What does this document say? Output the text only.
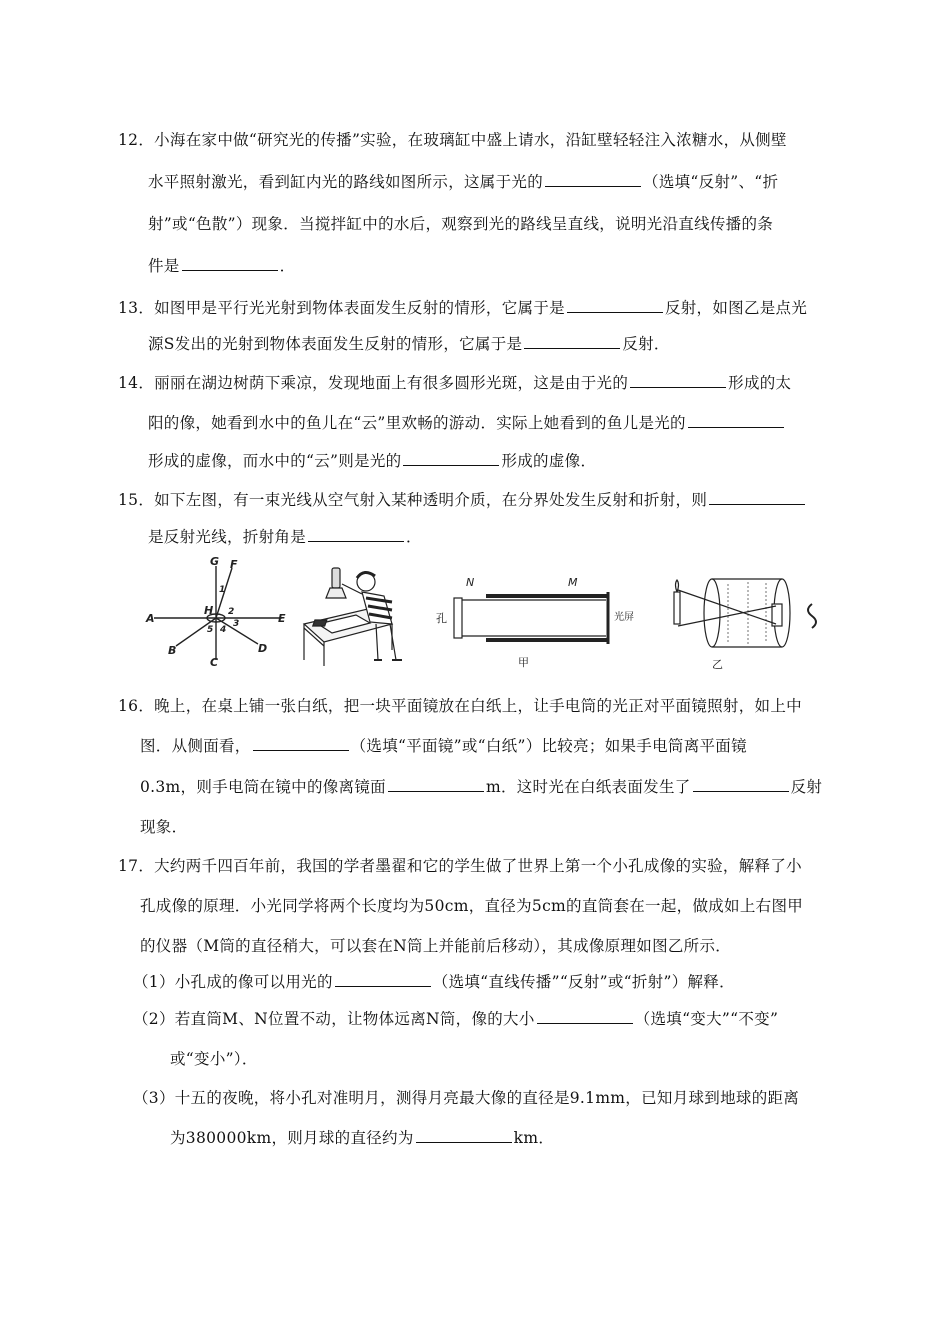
12．小海在家中做“研究光的传播”实验，在玻璃缸中盛上请水，沿缸壁轻轻注入浓糖水，从侧壁
水平照射激光，看到缸内光的路线如图所示，这属于光的	（选填“反射”、“折
射”或“色散”）现象．当搅拌缸中的水后，观察到光的路线呈直线，说明光沿直线传播的条
件是	．
13．如图甲是平行光光射到物体表面发生反射的情形，它属于是	反射，如图乙是点光
源S发出的光射到物体表面发生反射的情形，它属于是	反射．
14．丽丽在湖边树荫下乘凉，发现地面上有很多圆形光斑，这是由于光的	形成的太
阳的像，她看到水中的鱼儿在“云”里欢畅的游动．实际上她看到的鱼儿是光的
形成的虚像，而水中的“云”则是光的	形成的虚像．
15．如下左图，有一束光线从空气射入某种透明介质，在分界处发生反射和折射，则
是反射光线，折射角是	．
G F
1
H 2
A	E
5 4
3
B	D
C
N	M
孔	光屏
甲	乙
16．晚上，在桌上铺一张白纸，把一块平面镜放在白纸上，让手电筒的光正对平面镜照射，如上中
图．从侧面看，	（选填“平面镜”或“白纸”）比较亮；如果手电筒离平面镜
0.3m，则手电筒在镜中的像离镜面	m．这时光在白纸表面发生了	反射
现象．
17．大约两千四百年前，我国的学者墨翟和它的学生做了世界上第一个小孔成像的实验，解释了小
孔成像的原理．小光同学将两个长度均为50cm，直径为5cm的直筒套在一起，做成如上右图甲
的仪器（M筒的直径稍大，可以套在N筒上并能前后移动），其成像原理如图乙所示．
（1）小孔成的像可以用光的	（选填“直线传播”“反射”或“折射”）解释．
（2）若直筒M、N位置不动，让物体远离N筒，像的大小	（选填“变大”“不变”
或“变小”）．
（3）十五的夜晚，将小孔对准明月，测得月亮最大像的直径是9.1mm，已知月球到地球的距离
为380000km，则月球的直径约为	km．
